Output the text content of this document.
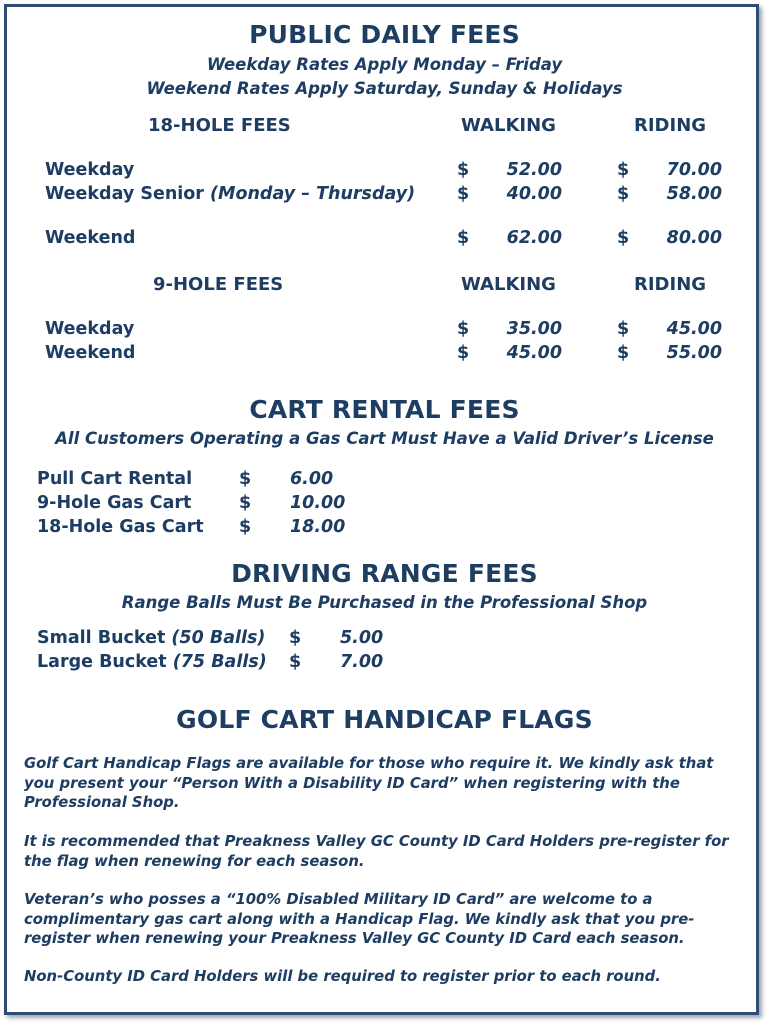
PUBLIC DAILY FEES
Weekday Rates Apply Monday – Friday
Weekend Rates Apply Saturday, Sunday & Holidays
18-HOLE FEES	WALKING	RIDING
Weekday	$	52.00	$	70.00
Weekday Senior (Monday – Thursday) $	40.00	$	58.00
Weekend	$	62.00	$	80.00
9-HOLE FEES	WALKING	RIDING
Weekday	$	35.00	$	45.00
Weekend	$	45.00	$	55.00
CART RENTAL FEES
All Customers Operating a Gas Cart Must Have a Valid Driver’s License
Pull Cart Rental	$ 6.00
9-Hole Gas Cart	$ 10.00
18-Hole Gas Cart $ 18.00
DRIVING RANGE FEES
Range Balls Must Be Purchased in the Professional Shop
Small Bucket (50 Balls) $ 5.00
Large Bucket (75 Balls) $ 7.00
GOLF CART HANDICAP FLAGS
Golf Cart Handicap Flags are available for those who require it. We kindly ask that you present your “Person With a Disability ID Card” when registering with the Professional Shop.
It is recommended that Preakness Valley GC County ID Card Holders pre-register for the flag when renewing for each season.
Veteran’s who posses a “100% Disabled Military ID Card” are welcome to a complimentary gas cart along with a Handicap Flag. We kindly ask that you pre-register when renewing your Preakness Valley GC County ID Card each season.
Non-County ID Card Holders will be required to register prior to each round.
